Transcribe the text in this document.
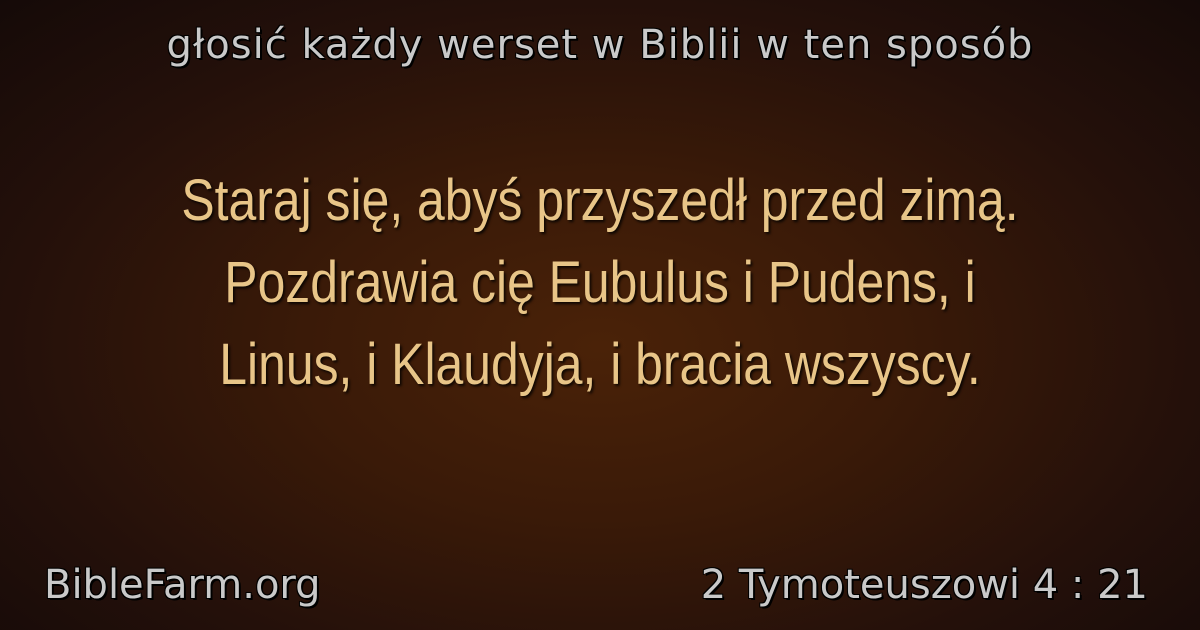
głosić każdy werset w Biblii w ten sposób
Staraj się, abyś przyszedł przed zimą.
Pozdrawia cię Eubulus i Pudens, i
Linus, i Klaudyja, i bracia wszyscy.
BibleFarm.org	2 Tymoteuszowi 4 : 21
